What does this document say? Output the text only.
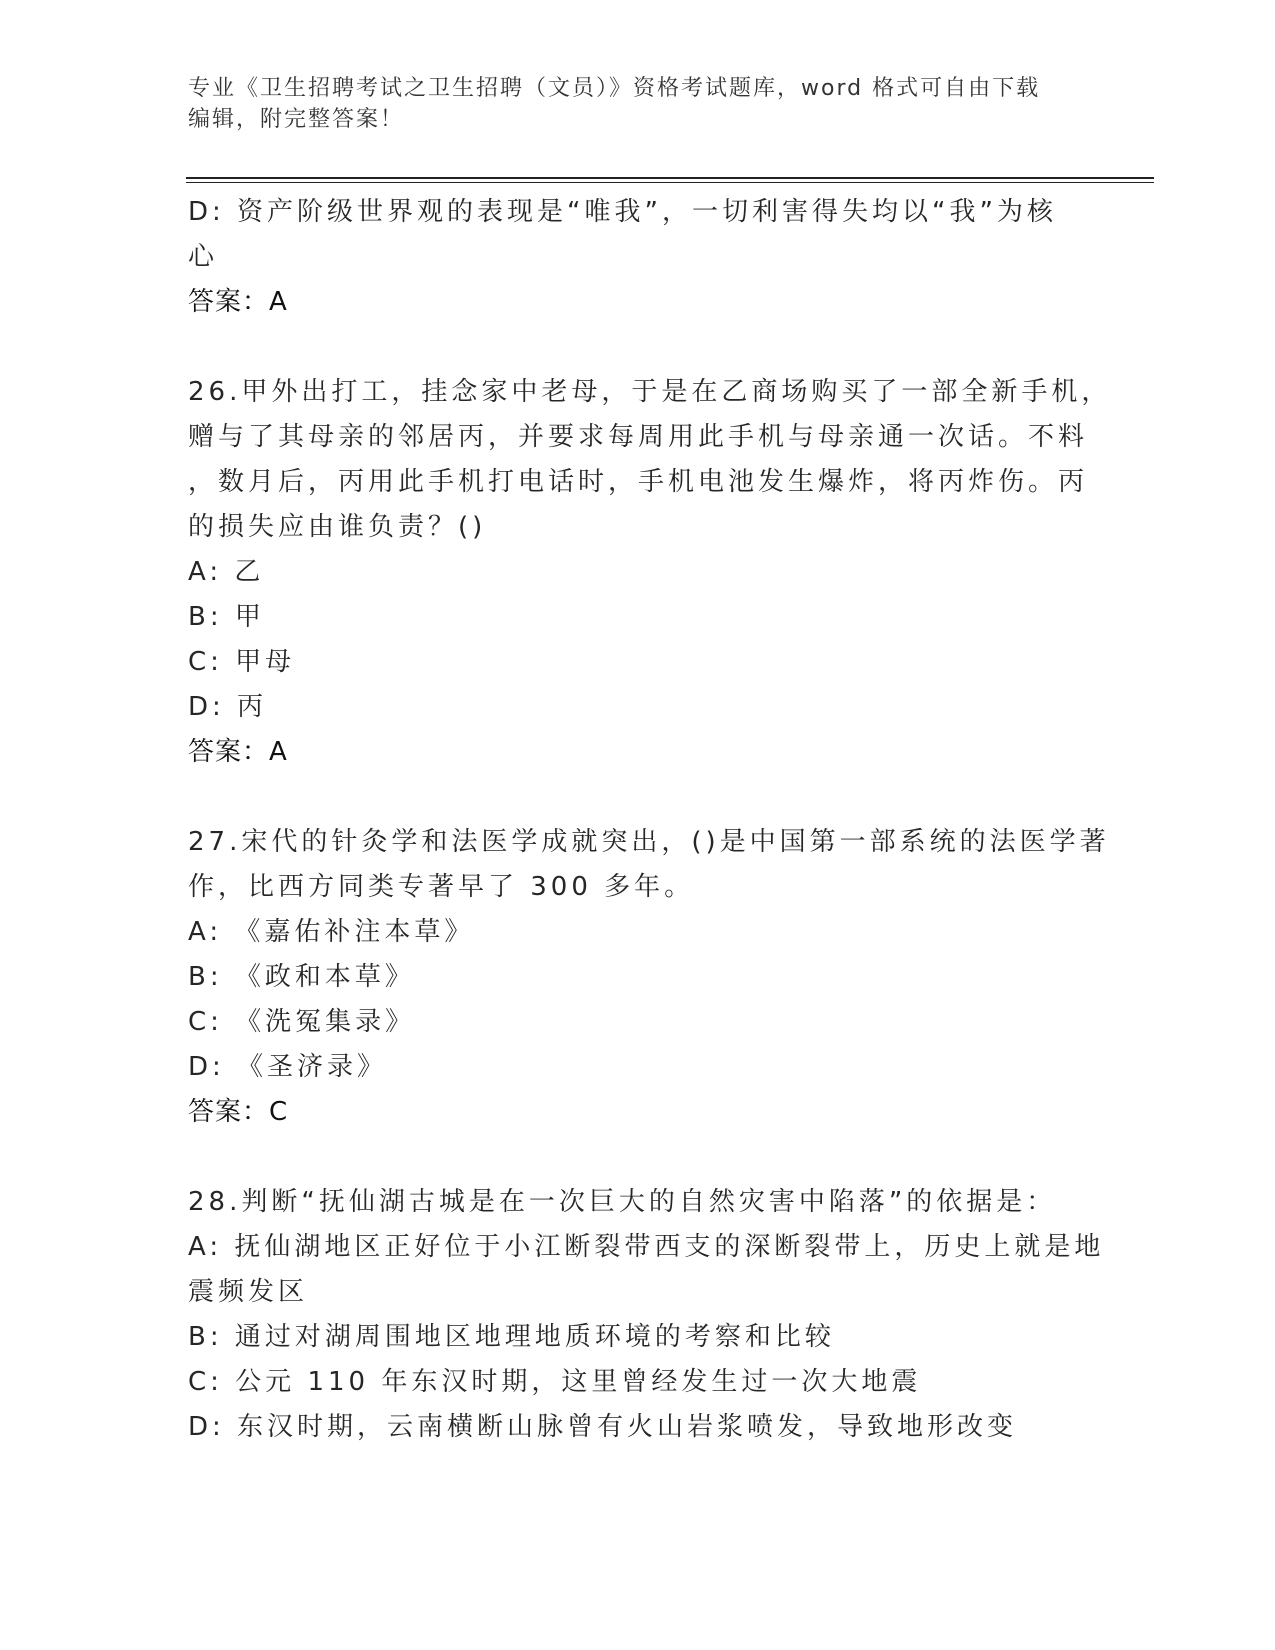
专业《卫生招聘考试之卫生招聘（文员）》资格考试题库，word 格式可自由下载
编辑，附完整答案！
D: 资产阶级世界观的表现是“唯我”，一切利害得失均以“我”为核
心
答案：A
26.甲外出打工，挂念家中老母，于是在乙商场购买了一部全新手机，
赠与了其母亲的邻居丙，并要求每周用此手机与母亲通一次话。不料
，数月后，丙用此手机打电话时，手机电池发生爆炸，将丙炸伤。丙
的损失应由谁负责？()
A: 乙
B: 甲
C: 甲母
D: 丙
答案：A
27.宋代的针灸学和法医学成就突出，()是中国第一部系统的法医学著
作，比西方同类专著早了 300 多年。
A: 《嘉佑补注本草》
B: 《政和本草》
C: 《洗冤集录》
D: 《圣济录》
答案：C
28.判断“抚仙湖古城是在一次巨大的自然灾害中陷落”的依据是：
A: 抚仙湖地区正好位于小江断裂带西支的深断裂带上，历史上就是地
震频发区
B: 通过对湖周围地区地理地质环境的考察和比较
C: 公元 110 年东汉时期，这里曾经发生过一次大地震
D: 东汉时期，云南横断山脉曾有火山岩浆喷发，导致地形改变
